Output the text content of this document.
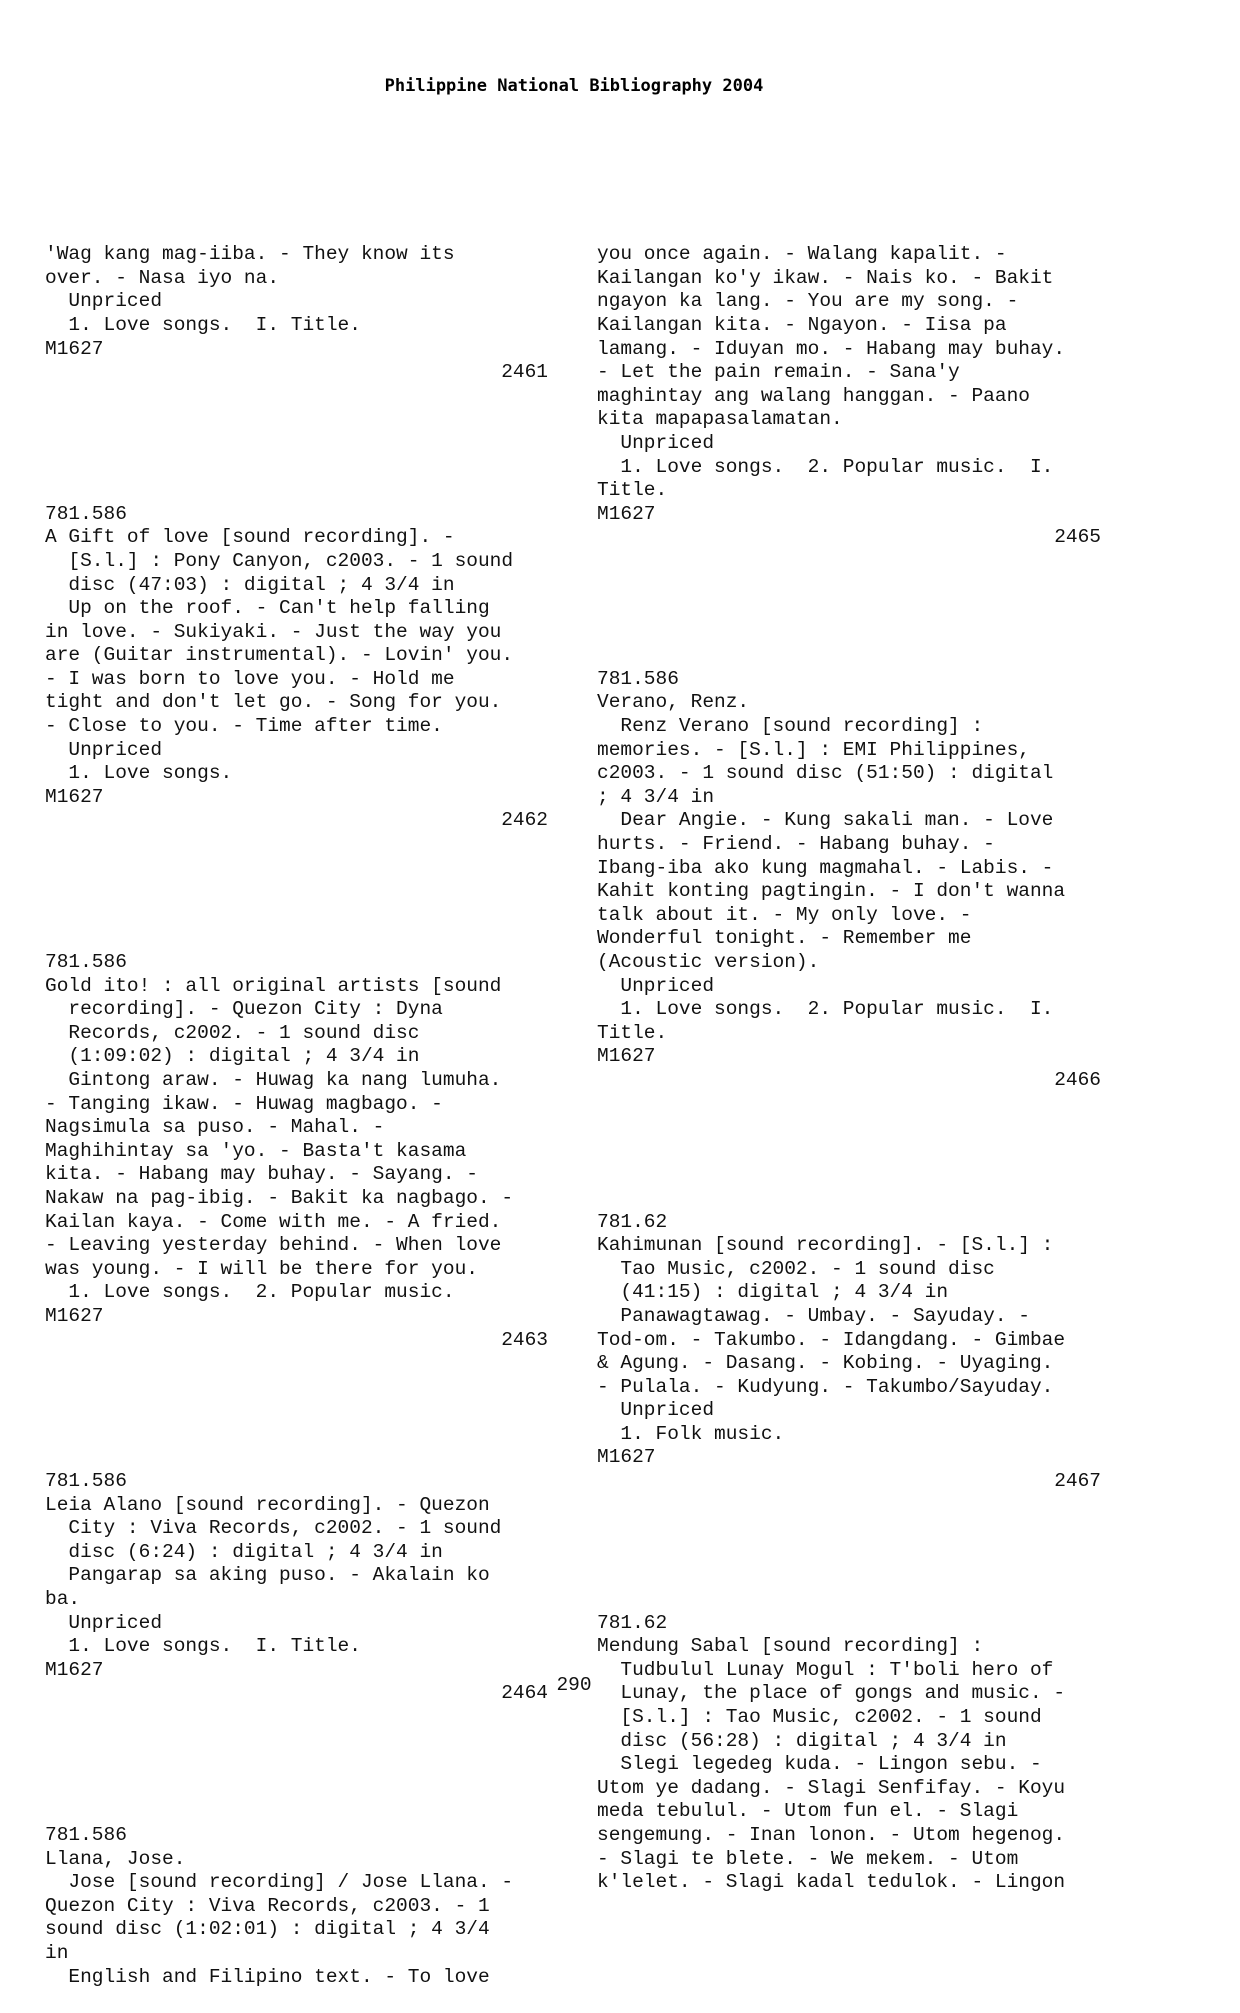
Philippine National Bibliography 2004

'Wag kang mag-iiba. - They know its
over. - Nasa iyo na.
Unpriced
1. Love songs.  I. Title.
M1627
2461

781.586
A Gift of love [sound recording]. -
[S.l.] : Pony Canyon, c2003. - 1 sound
disc (47:03) : digital ; 4 3/4 in
Up on the roof. - Can't help falling
in love. - Sukiyaki. - Just the way you
are (Guitar instrumental). - Lovin' you.
- I was born to love you. - Hold me
tight and don't let go. - Song for you.
- Close to you. - Time after time.
Unpriced
1. Love songs.
M1627
2462

781.586
Gold ito! : all original artists [sound
recording]. - Quezon City : Dyna
Records, c2002. - 1 sound disc
(1:09:02) : digital ; 4 3/4 in
Gintong araw. - Huwag ka nang lumuha.
- Tanging ikaw. - Huwag magbago. -
Nagsimula sa puso. - Mahal. -
Maghihintay sa 'yo. - Basta't kasama
kita. - Habang may buhay. - Sayang. -
Nakaw na pag-ibig. - Bakit ka nagbago. -
Kailan kaya. - Come with me. - A fried.
- Leaving yesterday behind. - When love
was young. - I will be there for you.
1. Love songs.  2. Popular music.
M1627
2463

781.586
Leia Alano [sound recording]. - Quezon
City : Viva Records, c2002. - 1 sound
disc (6:24) : digital ; 4 3/4 in
Pangarap sa aking puso. - Akalain ko
ba.
Unpriced
1. Love songs.  I. Title.
M1627
2464

781.586
Llana, Jose.
Jose [sound recording] / Jose Llana. -
Quezon City : Viva Records, c2003. - 1
sound disc (1:02:01) : digital ; 4 3/4
in
English and Filipino text. - To love

you once again. - Walang kapalit. -
Kailangan ko'y ikaw. - Nais ko. - Bakit
ngayon ka lang. - You are my song. -
Kailangan kita. - Ngayon. - Iisa pa
lamang. - Iduyan mo. - Habang may buhay.
- Let the pain remain. - Sana'y
maghintay ang walang hanggan. - Paano
kita mapapasalamatan.
Unpriced
1. Love songs.  2. Popular music.  I.
Title.
M1627
2465

781.586
Verano, Renz.
Renz Verano [sound recording] :
memories. - [S.l.] : EMI Philippines,
c2003. - 1 sound disc (51:50) : digital
; 4 3/4 in
Dear Angie. - Kung sakali man. - Love
hurts. - Friend. - Habang buhay. -
Ibang-iba ako kung magmahal. - Labis. -
Kahit konting pagtingin. - I don't wanna
talk about it. - My only love. -
Wonderful tonight. - Remember me
(Acoustic version).
Unpriced
1. Love songs.  2. Popular music.  I.
Title.
M1627
2466

781.62
Kahimunan [sound recording]. - [S.l.] :
Tao Music, c2002. - 1 sound disc
(41:15) : digital ; 4 3/4 in
Panawagtawag. - Umbay. - Sayuday. -
Tod-om. - Takumbo. - Idangdang. - Gimbae
& Agung. - Dasang. - Kobing. - Uyaging.
- Pulala. - Kudyung. - Takumbo/Sayuday.
Unpriced
1. Folk music.
M1627
2467

781.62
Mendung Sabal [sound recording] :
Tudbulul Lunay Mogul : T'boli hero of
Lunay, the place of gongs and music. -
[S.l.] : Tao Music, c2002. - 1 sound
disc (56:28) : digital ; 4 3/4 in
Slegi legedeg kuda. - Lingon sebu. -
Utom ye dadang. - Slagi Senfifay. - Koyu
meda tebulul. - Utom fun el. - Slagi
sengemung. - Inan lonon. - Utom hegenog.
- Slagi te blete. - We mekem. - Utom
k'lelet. - Slagi kadal tedulok. - Lingon

290
